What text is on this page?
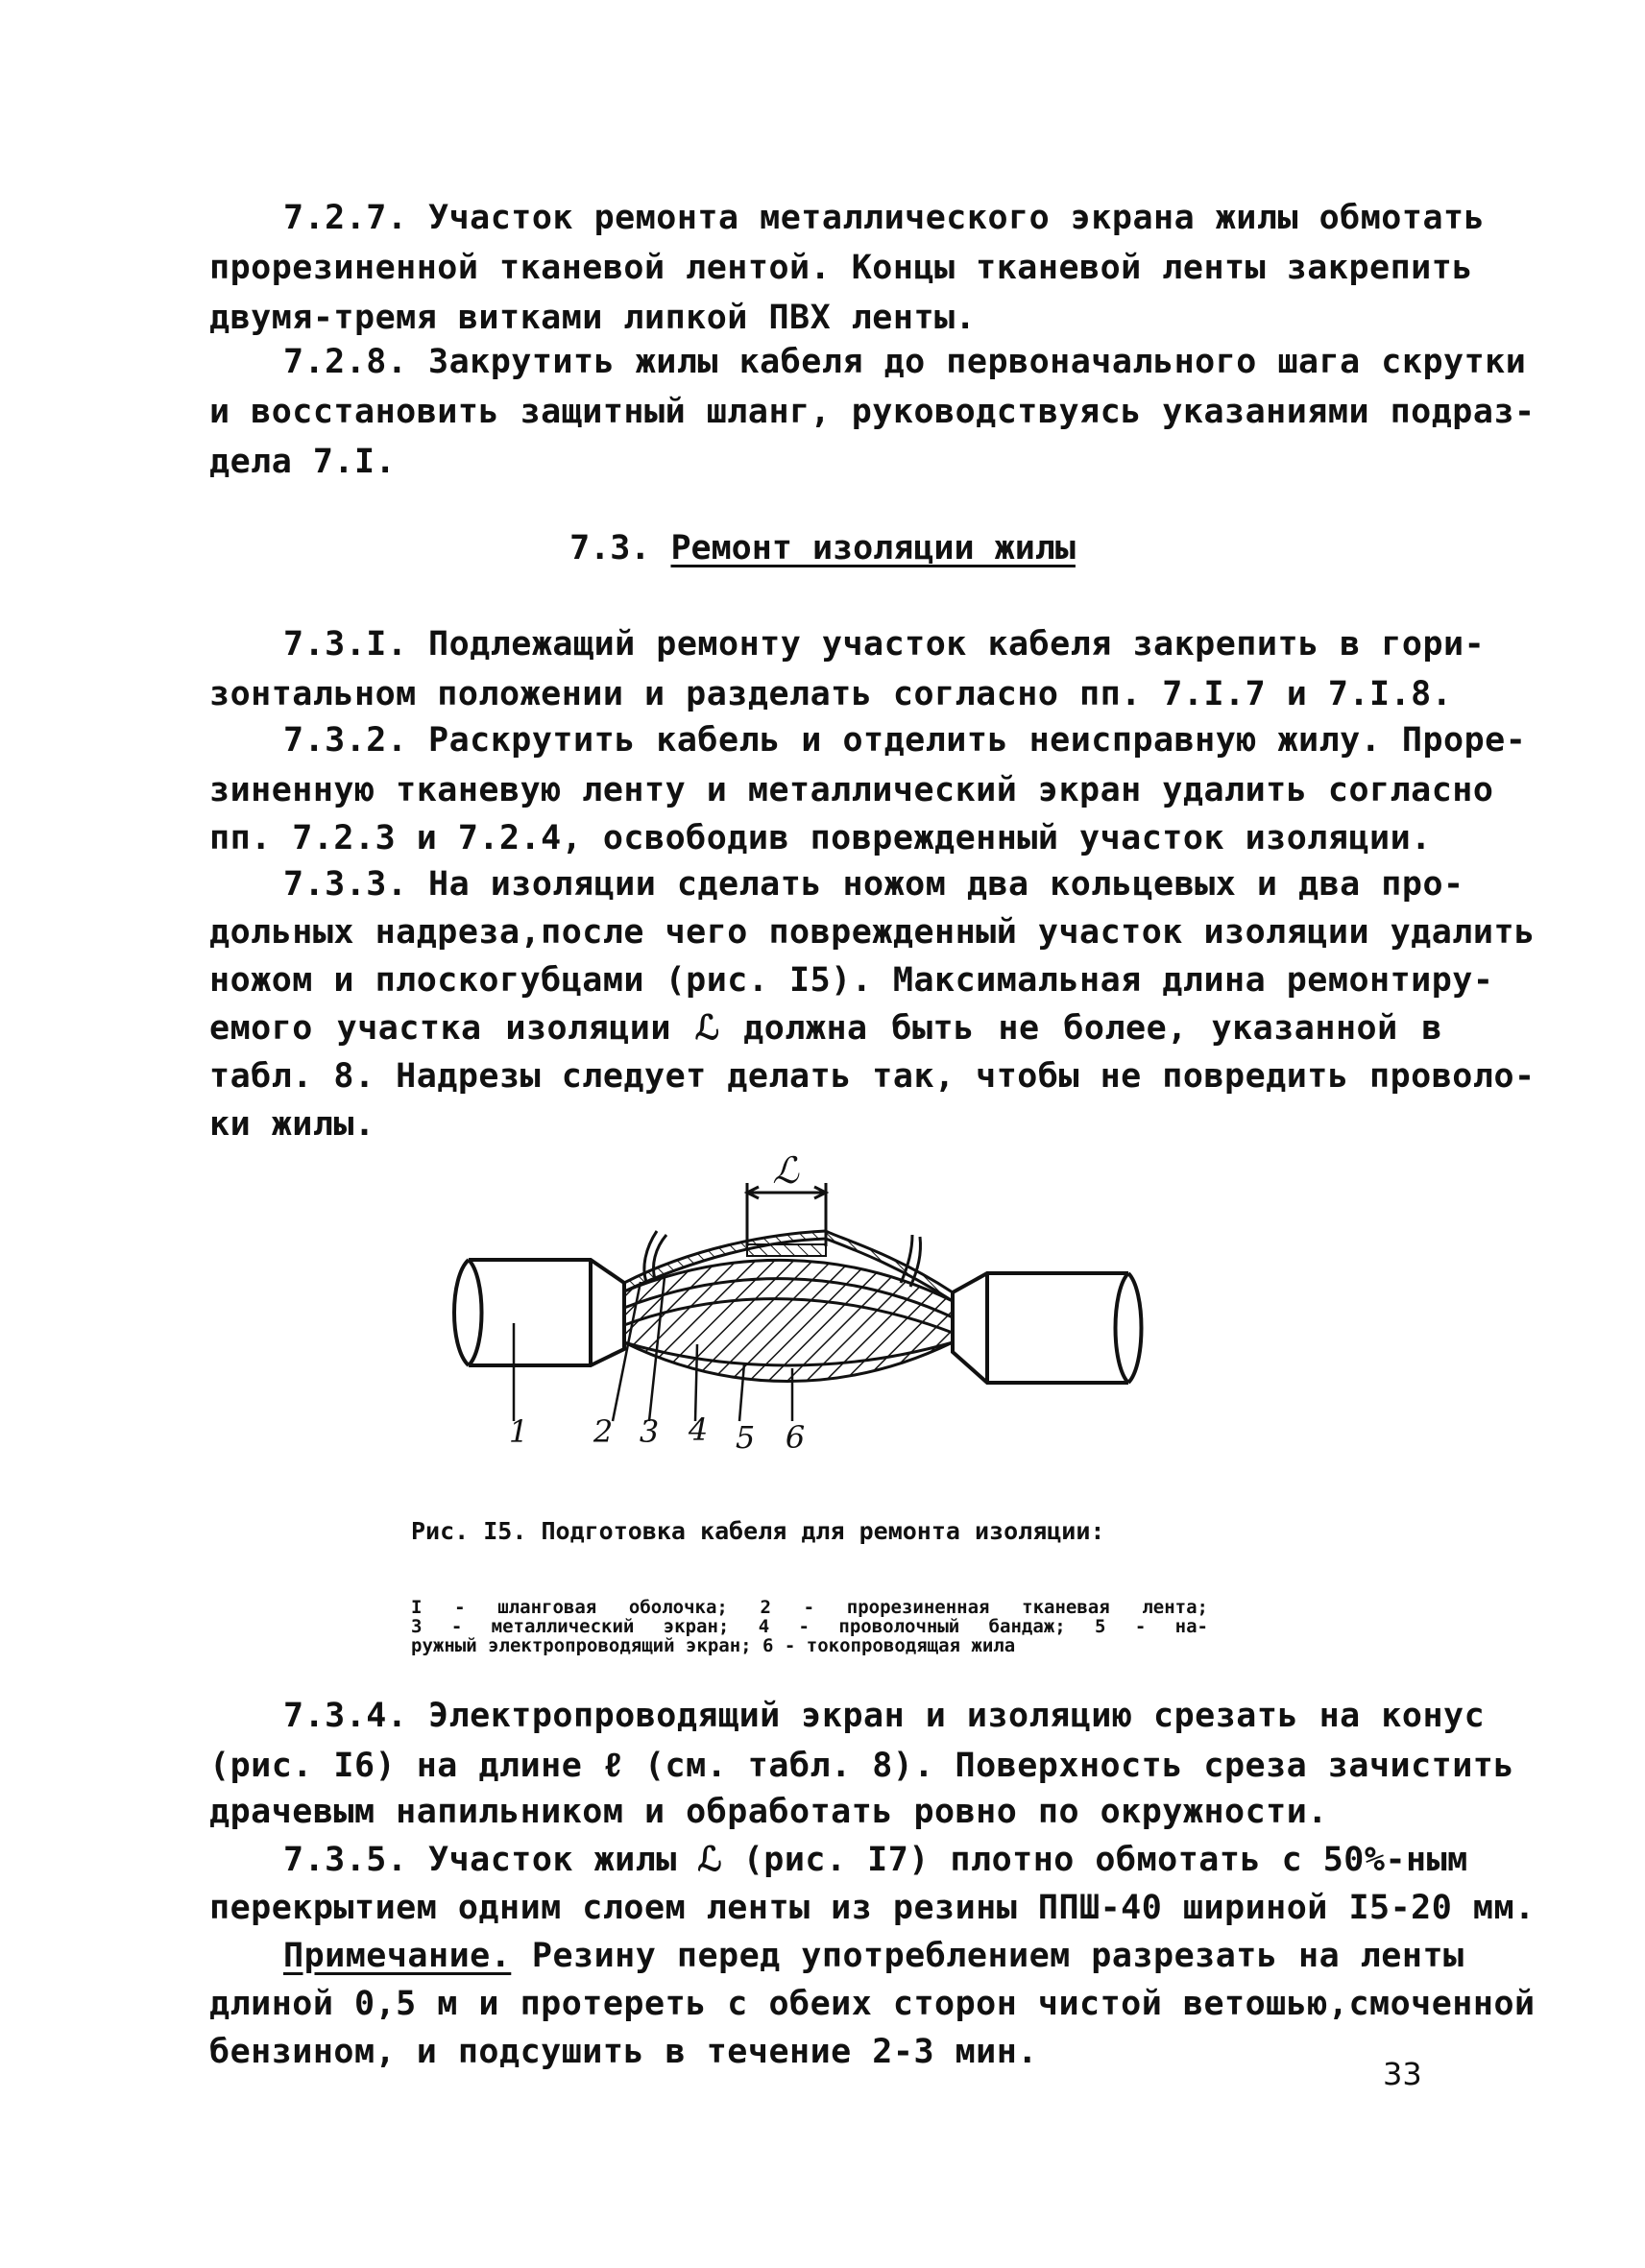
7.2.7. Участок ремонта металлического экрана жилы обмотать
прорезиненной тканевой лентой. Концы тканевой ленты закрепить
двумя-тремя витками липкой ПВХ ленты.
7.2.8. Закрутить жилы кабеля до первоначального шага скрутки
и восстановить защитный шланг, руководствуясь указаниями подраз-
дела 7.I.
7.3. Ремонт изоляции жилы
7.3.I. Подлежащий ремонту участок кабеля закрепить в гори-
зонтальном положении и разделать согласно пп. 7.I.7 и 7.I.8.
7.3.2. Раскрутить кабель и отделить неисправную жилу. Проре-
зиненную тканевую ленту и металлический экран удалить согласно
пп. 7.2.3 и 7.2.4, освободив поврежденный участок изоляции.
7.3.3. На изоляции сделать ножом два кольцевых и два про-
дольных надреза,после чего поврежденный участок изоляции удалить
ножом и плоскогубцами (рис. I5). Максимальная длина ремонтиру-
емого участка изоляции ℒ должна быть не более, указанной в
табл. 8. Надрезы следует делать так, чтобы не повредить проволо-
ки жилы.
ℒ
1 2 3 4 5 6
Рис. I5. Подготовка кабеля для ремонта изоляции:
I - шланговая оболочка; 2 - прорезиненная тканевая лента;
3 - металлический экран; 4 - проволочный бандаж; 5 - на-
ружный электропроводящий экран; 6 - токопроводящая жила
7.3.4. Электропроводящий экран и изоляцию срезать на конус
(рис. I6) на длине ℓ (см. табл. 8). Поверхность среза зачистить
драчевым напильником и обработать ровно по окружности.
7.3.5. Участок жилы ℒ (рис. I7) плотно обмотать с 50%-ным
перекрытием одним слоем ленты из резины ППШ-40 шириной I5-20 мм.
Примечание. Резину перед употреблением разрезать на ленты
длиной 0,5 м и протереть с обеих сторон чистой ветошью,смоченной
бензином, и подсушить в течение 2-3 мин.
33
